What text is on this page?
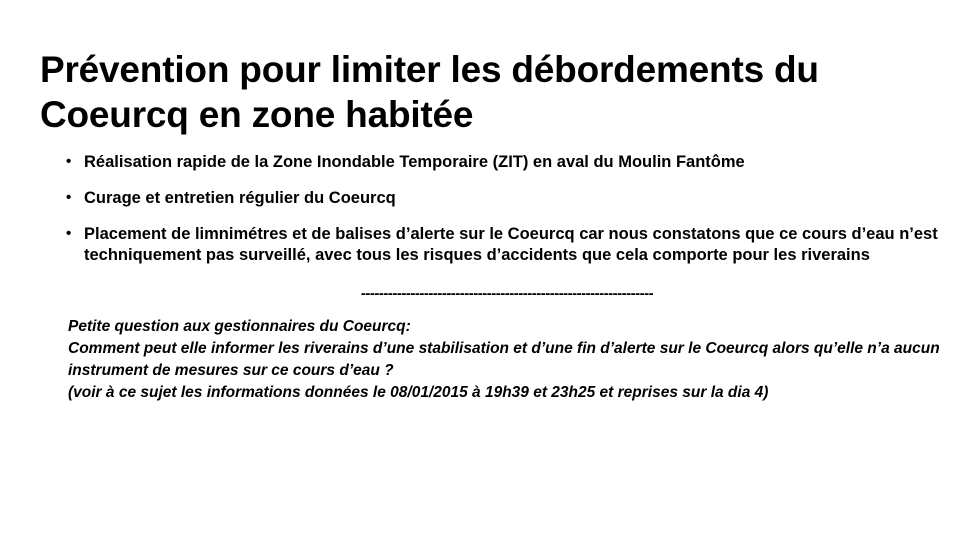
Prévention pour limiter les débordements du Coeurcq en zone habitée
• Réalisation rapide de la Zone Inondable Temporaire (ZIT) en aval du Moulin Fantôme
• Curage et entretien régulier du Coeurcq
• Placement de limnimétres et de balises d’alerte sur le Coeurcq car nous constatons que ce cours d’eau n’est techniquement pas surveillé, avec tous les risques d’accidents que cela comporte pour les riverains
-----------------------------------------------------------------
Petite question aux gestionnaires du Coeurcq:
Comment peut elle informer les riverains d’une stabilisation et d’une fin d’alerte sur le Coeurcq alors qu’elle n’a aucun instrument de mesures sur ce cours d’eau ?
(voir à ce sujet les informations données le 08/01/2015 à 19h39 et 23h25 et reprises sur la dia 4)
